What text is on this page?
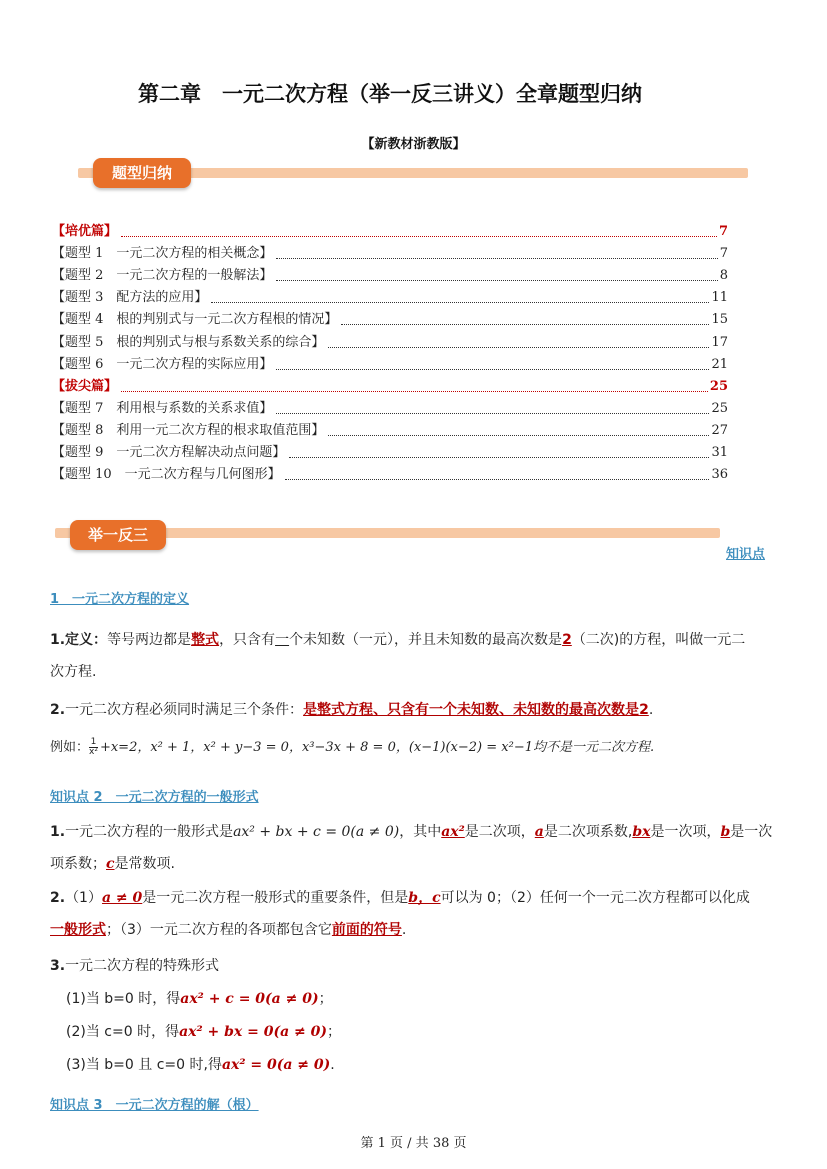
第二章　一元二次方程（举一反三讲义）全章题型归纳
【新教材浙教版】
题型归纳
【培优篇】	7
【题型 1　一元二次方程的相关概念】	7
【题型 2　一元二次方程的一般解法】	8
【题型 3　配方法的应用】	11
【题型 4　根的判别式与一元二次方程根的情况】	15
【题型 5　根的判别式与根与系数关系的综合】	17
【题型 6　一元二次方程的实际应用】	21
【拔尖篇】	25
【题型 7　利用根与系数的关系求值】	25
【题型 8　利用一元二次方程的根求取值范围】	27
【题型 9　一元二次方程解决动点问题】	31
【题型 10　一元二次方程与几何图形】	36
举一反三
知识点
1　一元二次方程的定义
1.定义：等号两边都是整式，只含有一个未知数（一元），并且未知数的最高次数是2（二次)的方程，叫做一元二
次方程.
2.一元二次方程必须同时满足三个条件：是整式方程、只含有一个未知数、未知数的最高次数是2.
例如： $\frac{1}{\text{x²}} +x=2$，x² + 1，x² + y−3 = 0，x³−3x + 8 = 0，(x−1)(x−2) = x²−1均不是一元二次方程.
知识点 2　一元二次方程的一般形式
1.一元二次方程的一般形式是ax² + bx + c = 0(a ≠ 0)，其中ax²是二次项，a是二次项系数,bx是一次项，b是一次
项系数；c是常数项.
2.（1）a ≠ 0是一元二次方程一般形式的重要条件，但是b，c可以为 0；（2）任何一个一元二次方程都可以化成
一般形式；（3）一元二次方程的各项都包含它前面的符号.
3.一元二次方程的特殊形式
(1)当 b=0 时，得ax² + c = 0(a ≠ 0)；
(2)当 c=0 时，得ax² + bx = 0(a ≠ 0)；
(3)当 b=0 且 c=0 时,得ax² = 0(a ≠ 0).
知识点 3　一元二次方程的解（根）
第 1 页 / 共 38 页
